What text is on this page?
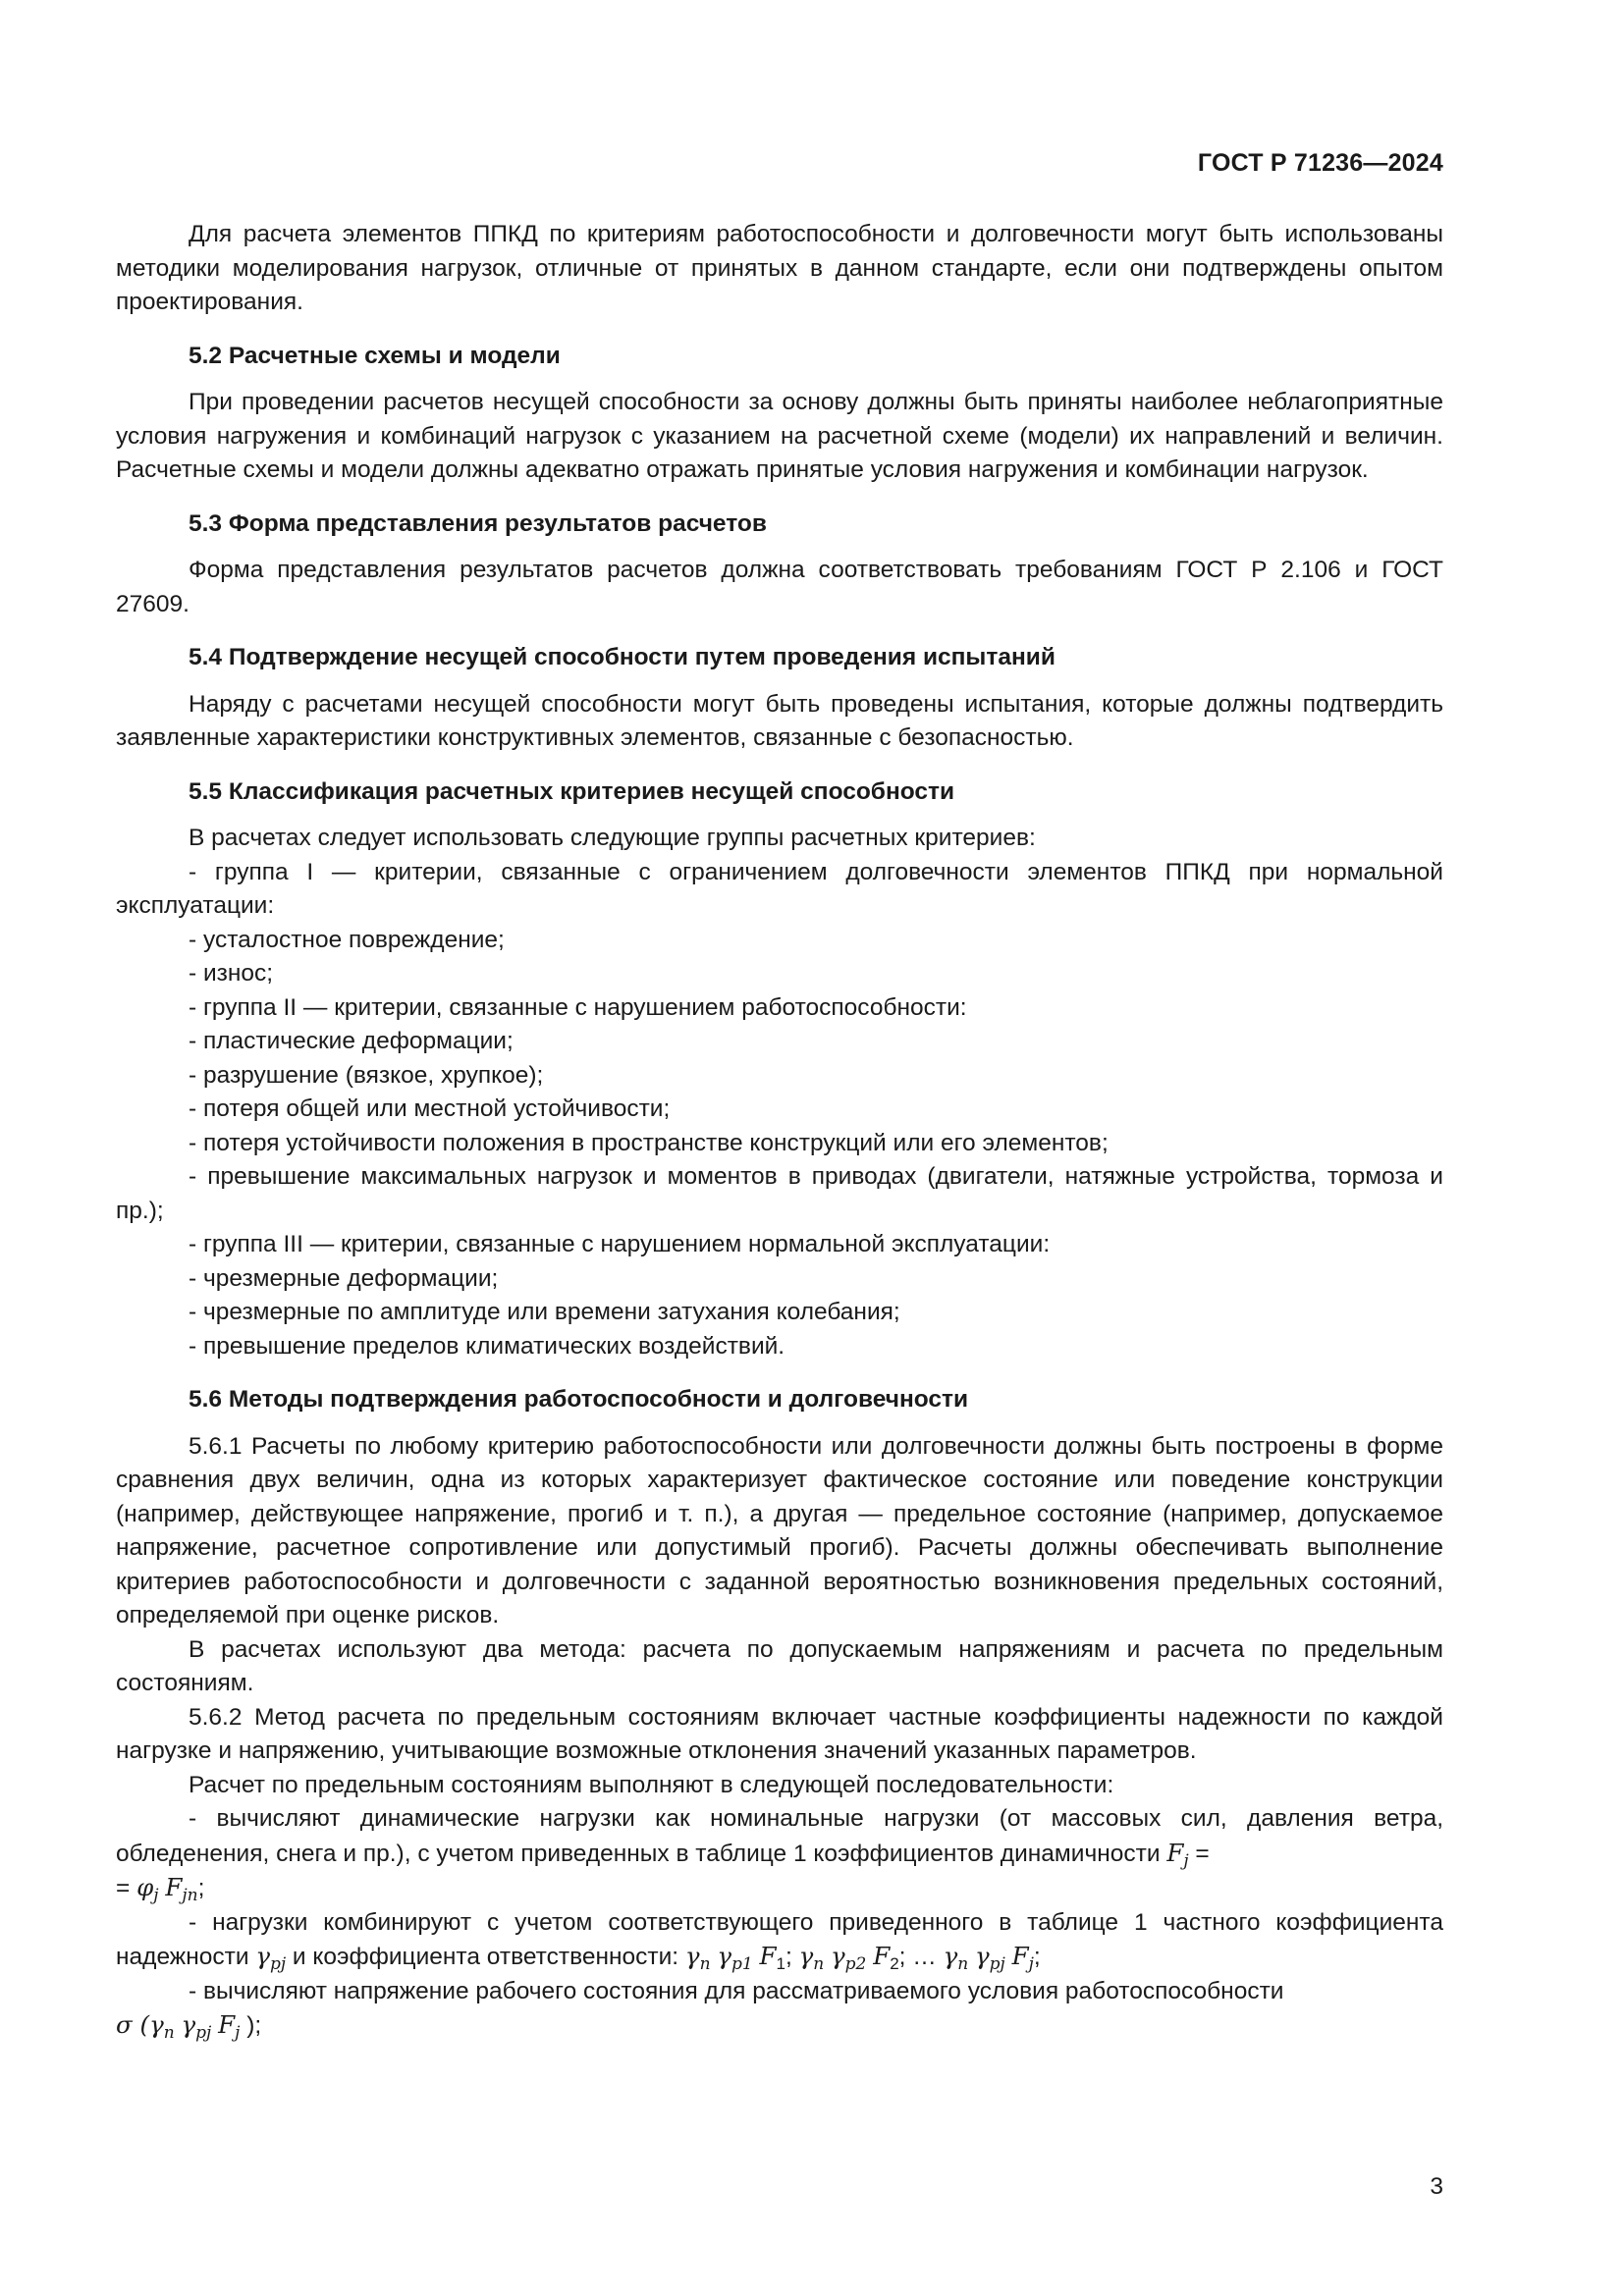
ГОСТ Р 71236—2024

Для расчета элементов ППКД по критериям работоспособности и долговечности могут быть использованы методики моделирования нагрузок, отличные от принятых в данном стандарте, если они подтверждены опытом проектирования.

5.2 Расчетные схемы и модели

При проведении расчетов несущей способности за основу должны быть приняты наиболее неблагоприятные условия нагружения и комбинаций нагрузок с указанием на расчетной схеме (модели) их направлений и величин. Расчетные схемы и модели должны адекватно отражать принятые условия нагружения и комбинации нагрузок.

5.3 Форма представления результатов расчетов

Форма представления результатов расчетов должна соответствовать требованиям ГОСТ Р 2.106 и ГОСТ 27609.

5.4 Подтверждение несущей способности путем проведения испытаний

Наряду с расчетами несущей способности могут быть проведены испытания, которые должны подтвердить заявленные характеристики конструктивных элементов, связанные с безопасностью.

5.5 Классификация расчетных критериев несущей способности

В расчетах следует использовать следующие группы расчетных критериев:

- группа I — критерии, связанные с ограничением долговечности элементов ППКД при нормальной эксплуатации:

- усталостное повреждение;

- износ;

- группа II — критерии, связанные с нарушением работоспособности:

- пластические деформации;

- разрушение (вязкое, хрупкое);

- потеря общей или местной устойчивости;

- потеря устойчивости положения в пространстве конструкций или его элементов;

- превышение максимальных нагрузок и моментов в приводах (двигатели, натяжные устройства, тормоза и пр.);

- группа III — критерии, связанные с нарушением нормальной эксплуатации:

- чрезмерные деформации;

- чрезмерные по амплитуде или времени затухания колебания;

- превышение пределов климатических воздействий.

5.6 Методы подтверждения работоспособности и долговечности

5.6.1 Расчеты по любому критерию работоспособности или долговечности должны быть построены в форме сравнения двух величин, одна из которых характеризует фактическое состояние или поведение конструкции (например, действующее напряжение, прогиб и т. п.), а другая — предельное состояние (например, допускаемое напряжение, расчетное сопротивление или допустимый прогиб). Расчеты должны обеспечивать выполнение критериев работоспособности и долговечности с заданной вероятностью возникновения предельных состояний, определяемой при оценке рисков.

В расчетах используют два метода: расчета по допускаемым напряжениям и расчета по предельным состояниям.

5.6.2 Метод расчета по предельным состояниям включает частные коэффициенты надежности по каждой нагрузке и напряжению, учитывающие возможные отклонения значений указанных параметров.

Расчет по предельным состояниям выполняют в следующей последовательности:

- вычисляют динамические нагрузки как номинальные нагрузки (от массовых сил, давления ветра, обледенения, снега и пр.), с учетом приведенных в таблице 1 коэффициентов динамичности $F_j$ =
= $\varphi_j$ $F_{jn}$;

- нагрузки комбинируют с учетом соответствующего приведенного в таблице 1 частного коэффициента надежности $\gamma_{pj}$ и коэффициента ответственности: $\gamma_n$ $\gamma_{p1}$ $F_1$; $\gamma_n$ $\gamma_{p2}$ $F_2$; … $\gamma_n$ $\gamma_{pj}$ $F_j$;

- вычисляют напряжение рабочего состояния для рассматриваемого условия работоспособности
σ ($\gamma_n$ $\gamma_{pj}$ $F_j$ );

3
